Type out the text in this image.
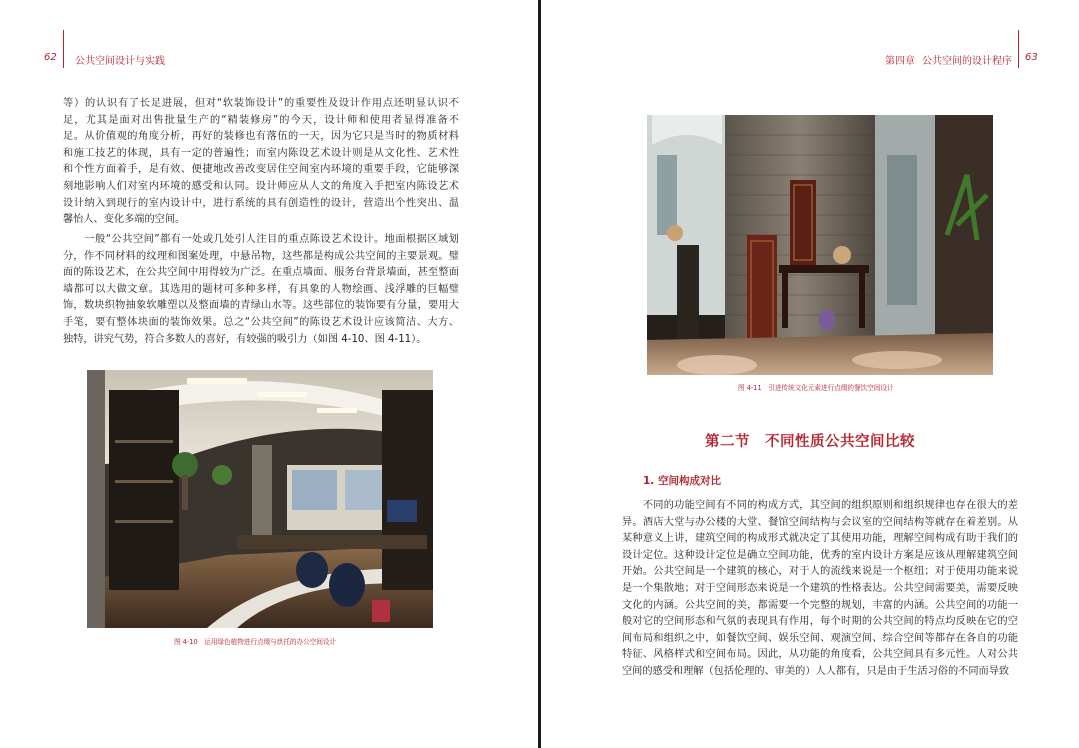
62 公共空间设计与实践
等）的认识有了长足进展，但对“软装饰设计”的重要性及设计作用点还明显认识不
足，尤其是面对出售批量生产的“精装修房”的今天，设计师和使用者显得准备不
足。从价值观的角度分析，再好的装修也有落伍的一天，因为它只是当时的物质材料
和施工技艺的体现，具有一定的普遍性；而室内陈设艺术设计则是从文化性、艺术性
和个性方面着手，是有效、便捷地改善改变居住空间室内环境的重要手段，它能够深
刻地影响人们对室内环境的感受和认同。设计师应从人文的角度入手把室内陈设艺术
设计纳入到现行的室内设计中，进行系统的具有创造性的设计，营造出个性突出、温
馨怡人、变化多端的空间。
　　一般“公共空间”都有一处或几处引人注目的重点陈设艺术设计。地面根据区域划
分，作不同材料的纹理和图案处理，中悬吊物，这些都是构成公共空间的主要景观。璧
面的陈设艺术，在公共空间中用得较为广泛。在重点墙面、服务台背景墙面，甚至整面
墙都可以大做文章。其选用的题材可多种多样，有具象的人物绘画、浅浮雕的巨幅璧
饰，数块织物抽象软雕塑以及整面墙的青绿山水等。这些部位的装饰要有分量，要用大
手笔，要有整体块面的装饰效果。总之“公共空间”的陈设艺术设计应该简洁、大方、
独特，讲究气势，符合多数人的喜好，有较强的吸引力（如图 4-10、图 4-11）。
图 4-10　运用绿色植物进行点缀与烘托的办公空间设计
第四章 公共空间的设计程序 63
图 4-11　引进传统文化元素进行点缀的餐饮空间设计
第二节　不同性质公共空间比较
1. 空间构成对比
　　不同的功能空间有不同的构成方式，其空间的组织原则和组织规律也存在很大的差
异。酒店大堂与办公楼的大堂、餐馆空间结构与会议室的空间结构等就存在着差别。从
某种意义上讲，建筑空间的构成形式就决定了其使用功能，理解空间构成有助于我们的
设计定位。这种设计定位是确立空间功能，优秀的室内设计方案是应该从理解建筑空间
开始。公共空间是一个建筑的核心，对于人的流线来说是一个枢纽；对于使用功能来说
是一个集散地；对于空间形态来说是一个建筑的性格表达。公共空间需要美，需要反映
文化的内涵。公共空间的美，都需要一个完整的规划，丰富的内涵。公共空间的功能一
般对它的空间形态和气氛的表现具有作用，每个时期的公共空间的特点均反映在它的空
间布局和组织之中，如餐饮空间、娱乐空间、观演空间、综合空间等都存在各自的功能
特征、风格样式和空间布局。因此，从功能的角度看，公共空间具有多元性。人对公共
空间的感受和理解（包括伦理的、审美的）人人都有，只是由于生活习俗的不同而导致
